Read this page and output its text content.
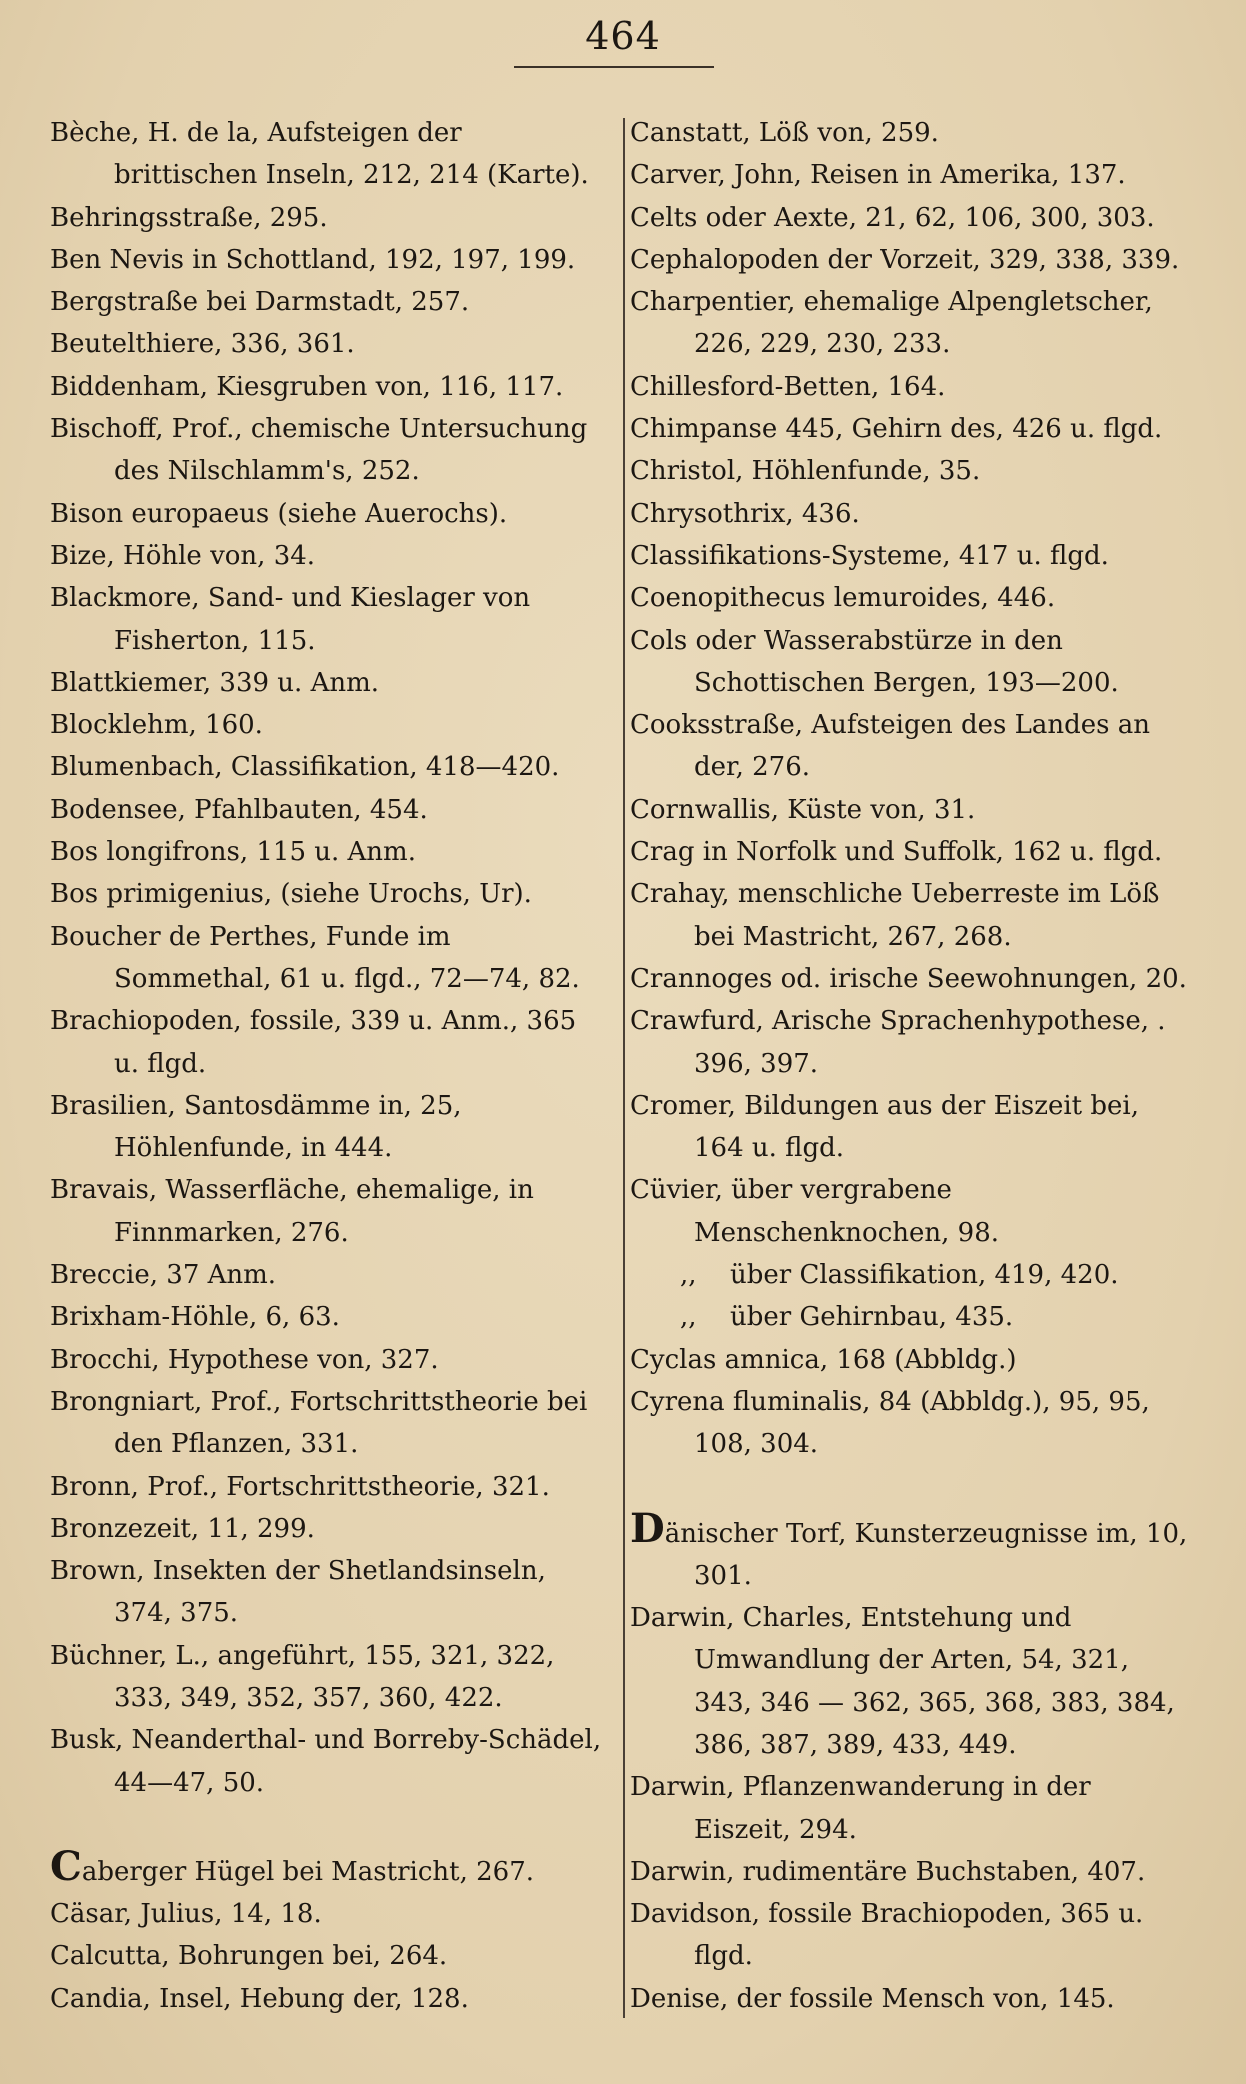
464

Bèche, H. de la, Aufsteigen der brittischen Inseln, 212, 214 (Karte).

Behringsstraße, 295.

Ben Nevis in Schottland, 192, 197, 199.

Bergstraße bei Darmstadt, 257.

Beutelthiere, 336, 361.

Biddenham, Kiesgruben von, 116, 117.

Bischoff, Prof., chemische Untersuchung des Nilschlamm's, 252.

Bison europaeus (siehe Auerochs).

Bize, Höhle von, 34.

Blackmore, Sand- und Kieslager von Fisherton, 115.

Blattkiemer, 339 u. Anm.

Blocklehm, 160.

Blumenbach, Classifikation, 418—420.

Bodensee, Pfahlbauten, 454.

Bos longifrons, 115 u. Anm.

Bos primigenius, (siehe Urochs, Ur).

Boucher de Perthes, Funde im Sommethal, 61 u. flgd., 72—74, 82.

Brachiopoden, fossile, 339 u. Anm., 365 u. flgd.

Brasilien, Santosdämme in, 25, Höhlenfunde, in 444.

Bravais, Wasserfläche, ehemalige, in Finnmarken, 276.

Breccie, 37 Anm.

Brixham-Höhle, 6, 63.

Brocchi, Hypothese von, 327.

Brongniart, Prof., Fortschrittstheorie bei den Pflanzen, 331.

Bronn, Prof., Fortschrittstheorie, 321.

Bronzezeit, 11, 299.

Brown, Insekten der Shetlandsinseln, 374, 375.

Büchner, L., angeführt, 155, 321, 322, 333, 349, 352, 357, 360, 422.

Busk, Neanderthal- und Borreby-Schädel, 44—47, 50.

Caberger Hügel bei Mastricht, 267.

Cäsar, Julius, 14, 18.

Calcutta, Bohrungen bei, 264.

Candia, Insel, Hebung der, 128.

Canstatt, Löß von, 259.

Carver, John, Reisen in Amerika, 137.

Celts oder Aexte, 21, 62, 106, 300, 303.

Cephalopoden der Vorzeit, 329, 338, 339.

Charpentier, ehemalige Alpengletscher, 226, 229, 230, 233.

Chillesford-Betten, 164.

Chimpanse 445, Gehirn des, 426 u. flgd.

Christol, Höhlenfunde, 35.

Chrysothrix, 436.

Classifikations-Systeme, 417 u. flgd.

Coenopithecus lemuroides, 446.

Cols oder Wasserabstürze in den Schottischen Bergen, 193—200.

Cooksstraße, Aufsteigen des Landes an der, 276.

Cornwallis, Küste von, 31.

Crag in Norfolk und Suffolk, 162 u. flgd.

Crahay, menschliche Ueberreste im Löß bei Mastricht, 267, 268.

Crannoges od. irische Seewohnungen, 20.

Crawfurd, Arische Sprachenhypothese, . 396, 397.

Cromer, Bildungen aus der Eiszeit bei, 164 u. flgd.

Cüvier, über vergrabene Menschenknochen, 98.

,, über Classifikation, 419, 420.

,, über Gehirnbau, 435.

Cyclas amnica, 168 (Abbldg.)

Cyrena fluminalis, 84 (Abbldg.), 95, 95, 108, 304.

Dänischer Torf, Kunsterzeugnisse im, 10, 301.

Darwin, Charles, Entstehung und Umwandlung der Arten, 54, 321, 343, 346 — 362, 365, 368, 383, 384, 386, 387, 389, 433, 449.

Darwin, Pflanzenwanderung in der Eiszeit, 294.

Darwin, rudimentäre Buchstaben, 407.

Davidson, fossile Brachiopoden, 365 u. flgd.

Denise, der fossile Mensch von, 145.
